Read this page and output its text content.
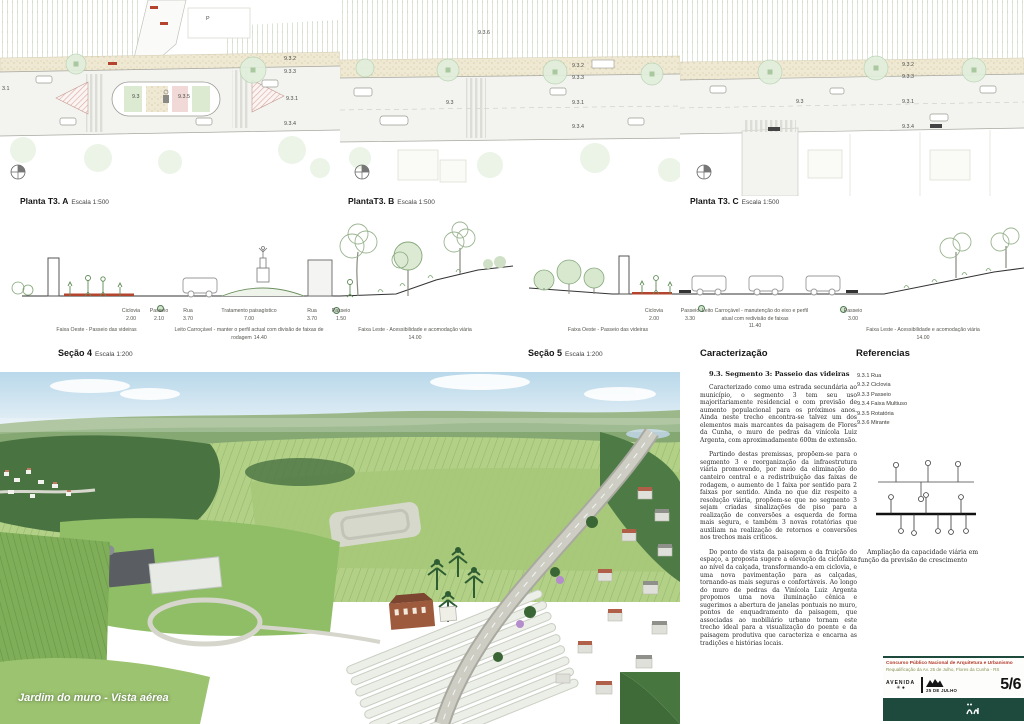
P
9.3	9.3.5
9.3.2
9.3.3
9.3.1
9.3.4
3.1
9.3.6
9.3.2
9.3.3
9.3	9.3.1
9.3.4
9.3.2
9.3.3
9.3	9.3.1
9.3.4
Planta T3. A Escala 1:500	PlantaT3. B Escala 1:500	Planta T3. C Escala 1:500
Ciclovia
2.00
Passeio
2.10
Rua
3.70
Tratamento paisagístico
7.00
Rua
3.70
Passeio
1.50
Faixa Oeste - Passeio das videiras	Leito Carroçável - manter o perfil actual com divisão de faixas de rodagem 14.40
Faixa Leste - Acessibilidade e acomodação viária
14.00
Ciclovia
2.00
Passeio
3.30
Leito Carroçável - manutenção do eixo e perfil atual com redivisão de faixas
11.40
Passeio
3.00
Faixa Oeste - Passeio das videiras	Faixa Leste - Acessibilidade e acomodação viária
14.00
Seção 4 Escala 1:200	Seção 5 Escala 1:200
Jardim do muro - Vista aérea
Caracterização	Referencias
9.3. Segmento 3: Passeio das videiras

Caracterizado como uma estrada secundária ao município, o segmento 3 tem seu uso majoritariamente residencial e com previsão de aumento populacional para os próximos anos. Ainda neste trecho encontra-se talvez um dos elementos mais marcantes da paisagem de Flores da Cunha, o muro de pedras da vinícola Luiz Argenta, com aproximadamente 600m de extensão.

Partindo destas premissas, propõem-se para o segmento 3 e reorganização da infraestrutura viária promovendo, por meio da eliminação do canteiro central e a redistribuição das faixas de rodagem, o aumento de 1 faixa por sentido para 2 faixas por sentido. Ainda no que diz respeito a resolução viária, propõem-se que no segmento 3 sejam criadas sinalizações de piso para a realização de conversões a esquerda de forma mais segura, e também 3 novas rotatórias que auxiliam na realização de retornos e conversões nos trechos mais críticos.

Do ponto de vista da paisagem e da fruição do espaço, a proposta sugere a elevação da ciclofaixa ao nível da calçada, transformando-a em ciclovia, e uma nova pavimentação para as calçadas, tornando-as mais seguras e confortáveis. Ao longo do muro de pedras da Vinícola Luiz Argenta propomos uma nova iluminação cênica e sugerimos a abertura de janelas pontuais no muro, pontos de enquadramento da paisagem, que associadas ao mobiliário urbano tornam este trecho ideal para a visualização do poente e da paisagem produtiva que caracteriza e encarna as tradições e histórias locais.

9.3.1 Rua
9.3.2 Ciclovia
9.3.3 Passeio
9.3.4 Faixa Multiuso
9.3.5 Rotatória
9.3.6 Mirante
Ampliação da capacidade viária em função da previsão de crescimento
Concurso Público Nacional de Arquitetura e Urbanismo
Requalificação da Av. 25 de Julho, Flores da Cunha - RS
AVENIDA
✳ ●	25 DE JULHO	5/6
